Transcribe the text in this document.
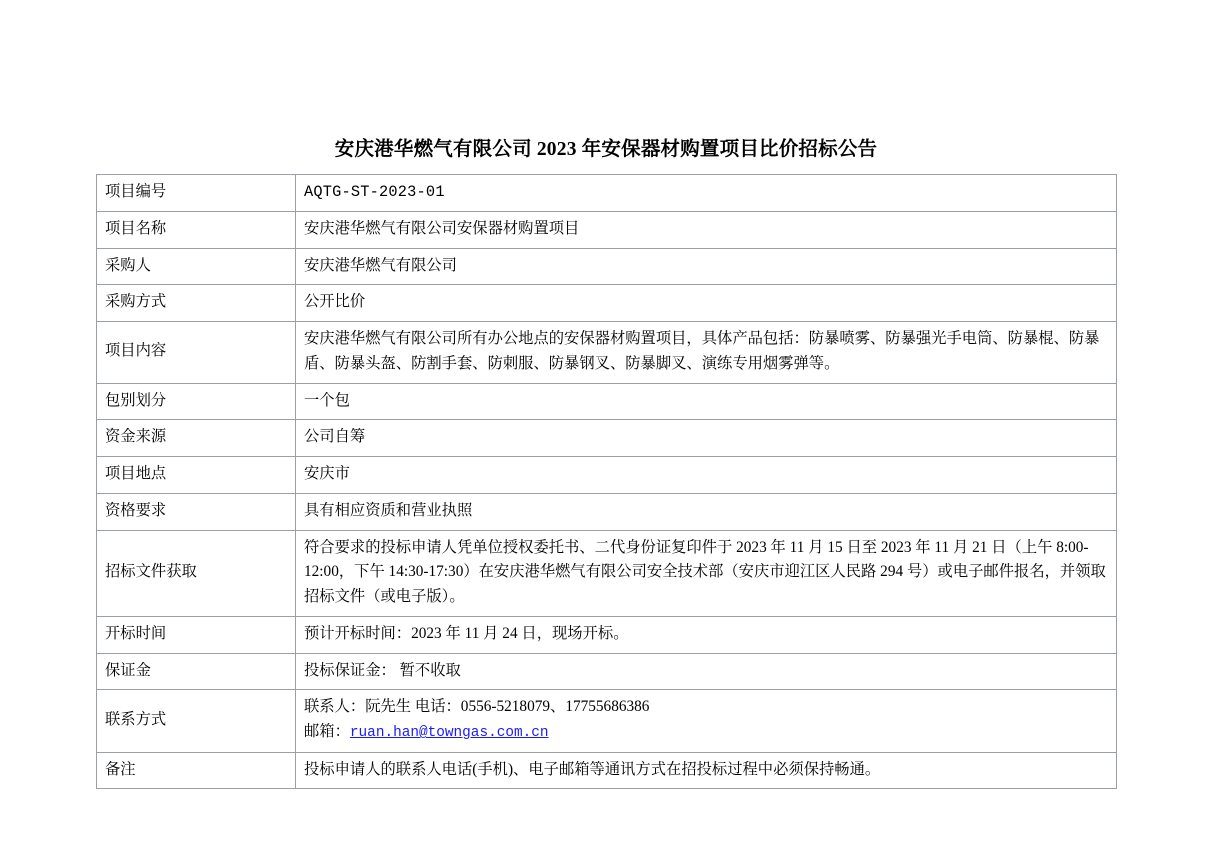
安庆港华燃气有限公司 2023 年安保器材购置项目比价招标公告
项目编号	AQTG-ST-2023-01
项目名称	安庆港华燃气有限公司安保器材购置项目
采购人	安庆港华燃气有限公司
采购方式	公开比价
项目内容	安庆港华燃气有限公司所有办公地点的安保器材购置项目，具体产品包括：防暴喷雾、防暴强光手电筒、防暴棍、防暴盾、防暴头盔、防割手套、防刺服、防暴钢叉、防暴脚叉、演练专用烟雾弹等。
包别划分	一个包
资金来源	公司自筹
项目地点	安庆市
资格要求	具有相应资质和营业执照
招标文件获取	符合要求的投标申请人凭单位授权委托书、二代身份证复印件于 2023 年 11 月 15 日至 2023 年 11 月 21 日（上午 8:00-12:00，下午 14:30-17:30）在安庆港华燃气有限公司安全技术部（安庆市迎江区人民路 294 号）或电子邮件报名，并领取招标文件（或电子版）。
开标时间	预计开标时间：2023 年 11 月 24 日，现场开标。
保证金	投标保证金： 暂不收取
联系方式	联系人：阮先生 电话：0556-5218079、17755686386
邮箱：ruan.han@towngas.com.cn

备注	投标申请人的联系人电话(手机)、电子邮箱等通讯方式在招投标过程中必须保持畅通。
